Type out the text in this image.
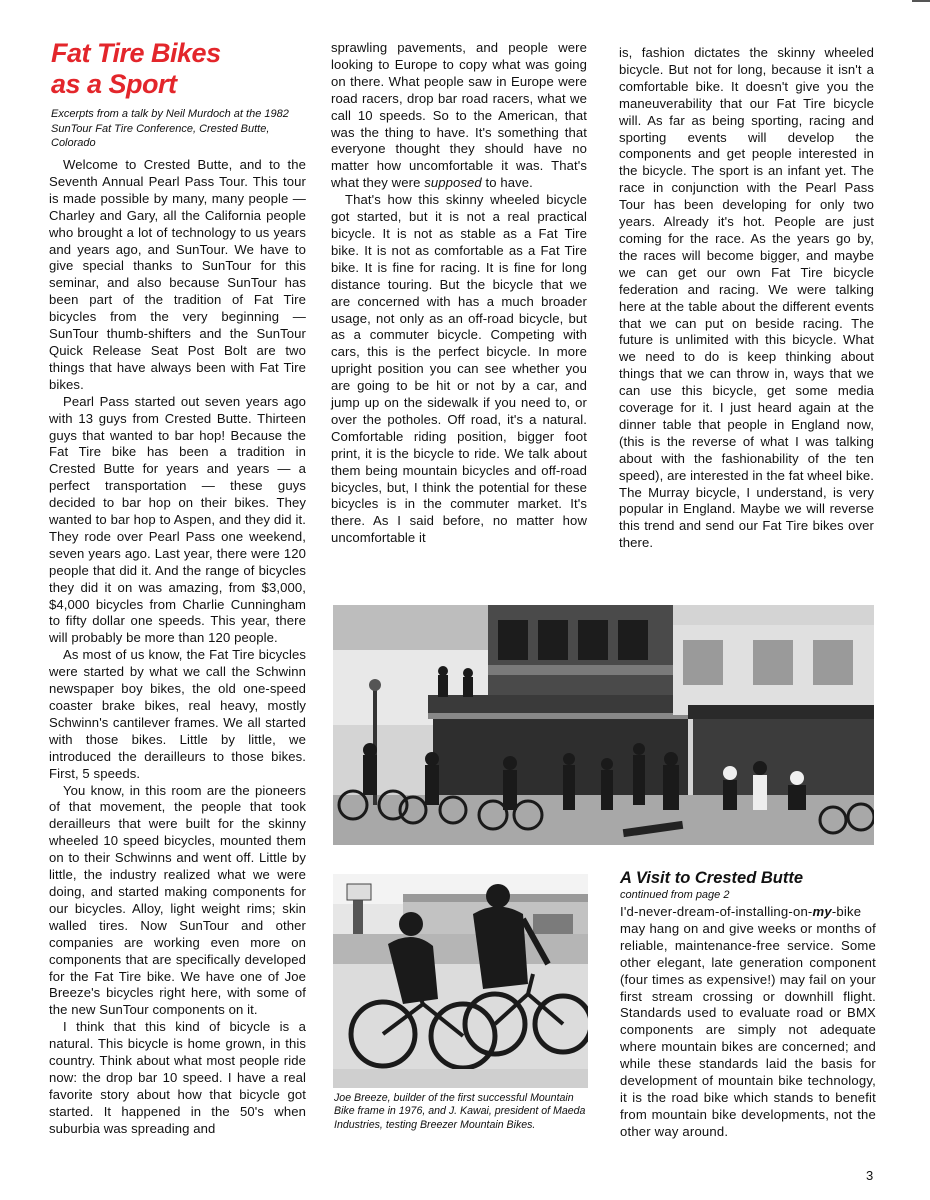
Fat Tire Bikes
as a Sport

Excerpts from a talk by Neil Murdoch at the 1982 SunTour Fat Tire Conference, Crested Butte, Colorado

Welcome to Crested Butte, and to the Seventh Annual Pearl Pass Tour. This tour is made possible by many, many people — Charley and Gary, all the California people who brought a lot of technology to us years and years ago, and SunTour. We have to give special thanks to SunTour for this seminar, and also because SunTour has been part of the tradition of Fat Tire bicycles from the very beginning — SunTour thumb-shifters and the SunTour Quick Release Seat Post Bolt are two things that have always been with Fat Tire bikes.

Pearl Pass started out seven years ago with 13 guys from Crested Butte. Thirteen guys that wanted to bar hop! Because the Fat Tire bike has been a tradition in Crested Butte for years and years — a perfect transportation — these guys decided to bar hop on their bikes. They wanted to bar hop to Aspen, and they did it. They rode over Pearl Pass one weekend, seven years ago. Last year, there were 120 people that did it. And the range of bicycles they did it on was amazing, from $3,000, $4,000 bicycles from Charlie Cunningham to fifty dollar one speeds. This year, there will probably be more than 120 people.

As most of us know, the Fat Tire bicycles were started by what we call the Schwinn newspaper boy bikes, the old one-speed coaster brake bikes, real heavy, mostly Schwinn's cantilever frames. We all started with those bikes. Little by little, we introduced the derailleurs to those bikes. First, 5 speeds.

You know, in this room are the pioneers of that movement, the people that took derailleurs that were built for the skinny wheeled 10 speed bicycles, mounted them on to their Schwinns and went off. Little by little, the industry realized what we were doing, and started making components for our bicycles. Alloy, light weight rims; skin walled tires. Now SunTour and other companies are working even more on components that are specifically developed for the Fat Tire bike. We have one of Joe Breeze's bicycles right here, with some of the new SunTour components on it.

I think that this kind of bicycle is a natural. This bicycle is home grown, in this country. Think about what most people ride now: the drop bar 10 speed. I have a real favorite story about how that bicycle got started. It happened in the 50's when suburbia was spreading and

sprawling pavements, and people were looking to Europe to copy what was going on there. What people saw in Europe were road racers, drop bar road racers, what we call 10 speeds. So to the American, that was the thing to have. It's something that everyone thought they should have no matter how uncomfortable it was. That's what they were supposed to have.

That's how this skinny wheeled bicycle got started, but it is not a real practical bicycle. It is not as stable as a Fat Tire bike. It is not as comfortable as a Fat Tire bike. It is fine for racing. It is fine for long distance touring. But the bicycle that we are concerned with has a much broader usage, not only as an off-road bicycle, but as a commuter bicycle. Competing with cars, this is the perfect bicycle. In more upright position you can see whether you are going to be hit or not by a car, and jump up on the sidewalk if you need to, or over the potholes. Off road, it's a natural. Comfortable riding position, bigger foot print, it is the bicycle to ride. We talk about them being mountain bicycles and off-road bicycles, but, I think the potential for these bicycles is in the commuter market. It's there. As I said before, no matter how uncomfortable it

is, fashion dictates the skinny wheeled bicycle. But not for long, because it isn't a comfortable bike. It doesn't give you the maneuverability that our Fat Tire bicycle will. As far as being sporting, racing and sporting events will develop the components and get people interested in the bicycle. The sport is an infant yet. The race in conjunction with the Pearl Pass Tour has been developing for only two years. Already it's hot. People are just coming for the race. As the years go by, the races will become bigger, and maybe we can get our own Fat Tire bicycle federation and racing. We were talking here at the table about the different events that we can put on beside racing. The future is unlimited with this bicycle. What we need to do is keep thinking about things that we can throw in, ways that we can use this bicycle, get some media coverage for it. I just heard again at the dinner table that people in England now, (this is the reverse of what I was talking about with the fashionability of the ten speed), are interested in the fat wheel bike. The Murray bicycle, I understand, is very popular in England. Maybe we will reverse this trend and send our Fat Tire bikes over there.

Joe Breeze, builder of the first successful Mountain Bike frame in 1976, and J. Kawai, president of Maeda Industries, testing Breezer Mountain Bikes.

A Visit to Crested Butte
continued from page 2

I'd-never-dream-of-installing-on-my-bike may hang on and give weeks or months of reliable, maintenance-free service. Some other elegant, late generation component (four times as expensive!) may fail on your first stream crossing or downhill flight. Standards used to evaluate road or BMX components are simply not adequate where mountain bikes are concerned; and while these standards laid the basis for development of mountain bike technology, it is the road bike which stands to benefit from mountain bike developments, not the other way around.

3
